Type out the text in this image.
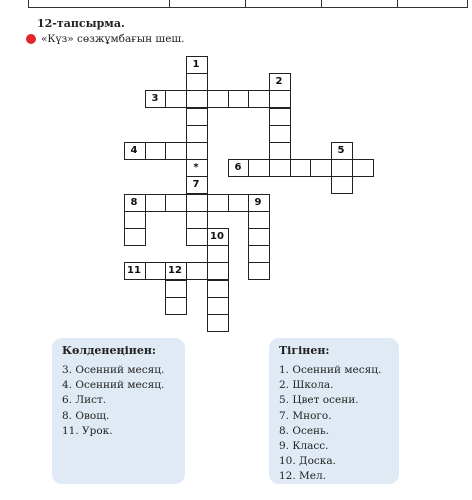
12-тапсырма.
«Күз» сөзжұмбағын шеш.
1
2
3
4	5
6
7
8	9
10
11	12
*
Көлденеңінен:
3. Осенний месяц.
4. Осенний месяц.
6. Лист.
8. Овощ.
11. Урок.
Тігінен:
1. Осенний месяц.
2. Школа.
5. Цвет осени.
7. Много.
8. Осень.
9. Класс.
10. Доска.
12. Мел.
